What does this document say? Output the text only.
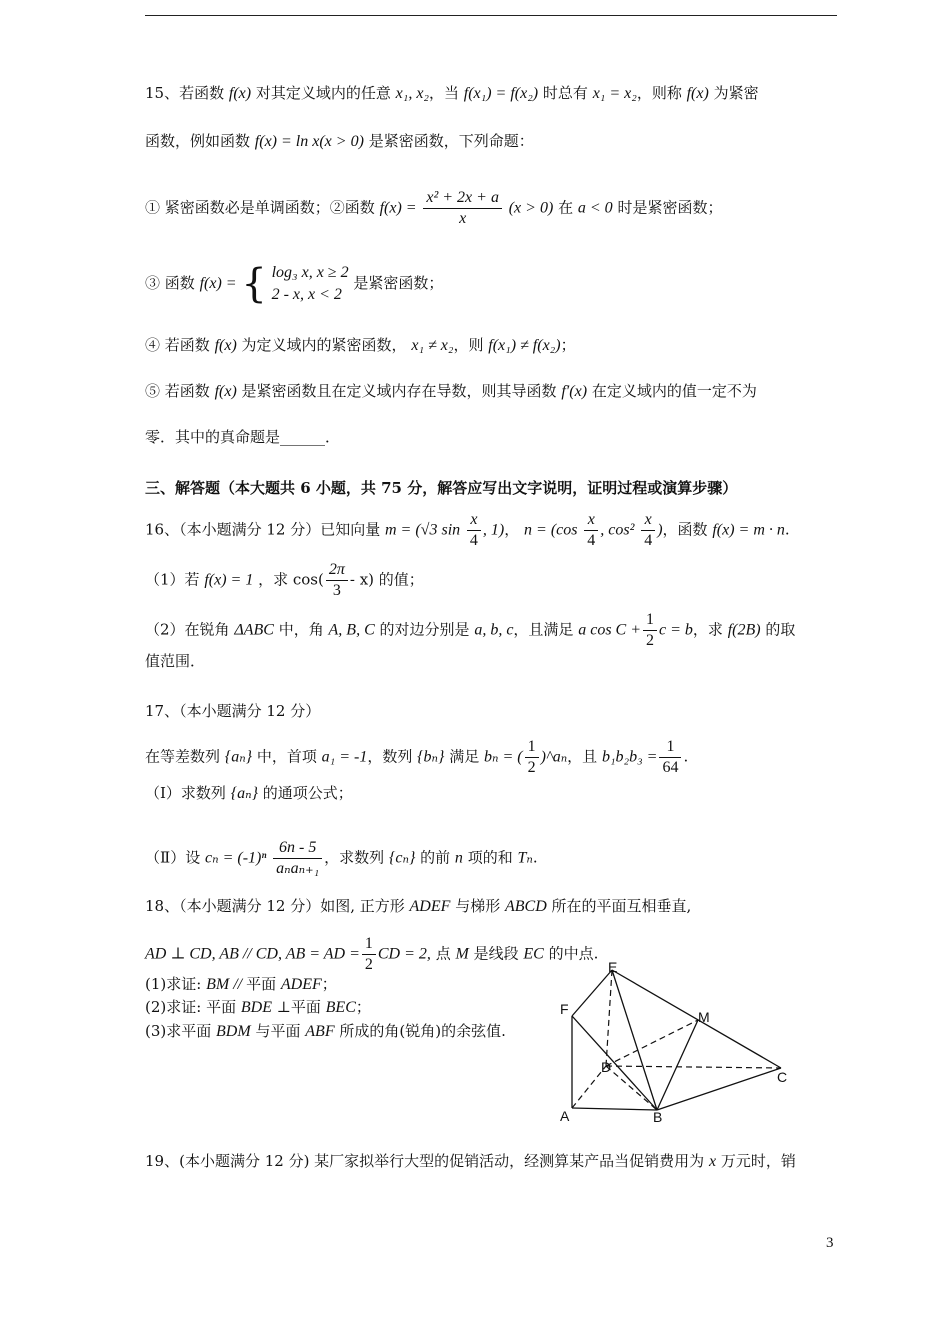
15、若函数 f(x) 对其定义域内的任意 x₁, x₂，当 f(x₁) = f(x₂) 时总有 x₁ = x₂，则称 f(x) 为紧密
函数，例如函数 f(x) = ln x(x > 0) 是紧密函数，下列命题：
① 紧密函数必是单调函数；②函数 $f(x) = \frac{\text{x² + 2x + a}}{x} (x > 0)$ 在 a < 0 时是紧密函数；
③ 函数 f(x) = { log₃ x, x ≥ 2
2 - x, x < 2
是紧密函数；
④ 若函数 f(x) 为定义域内的紧密函数， x₁ ≠ x₂，则 f(x₁) ≠ f(x₂)；
⑤ 若函数 f(x) 是紧密函数且在定义域内存在导数，则其导函数 f′(x) 在定义域内的值一定不为
零．其中的真命题是______．
三、解答题（本大题共 6 小题，共 75 分，解答应写出文字说明，证明过程或演算步骤）
16、（本小题满分 12 分）已知向量 m = (√3 $\sin \frac{x}{4}$ , 1)， $n = (\cos \frac{x}{4}$ , $\cos^2 \frac{x}{4}$ )，函数 f(x) = m · n.
（1）若 f(x) = 1 ，求 $\cos( \frac{2\pi}{3} - x)$ 的值；
（2）在锐角 ΔABC 中，角 A, B, C 的对边分别是 a, b, c，且满足 a $\cos C + \frac{1}{2}$ c = b，求 f(2B) 的取
值范围．
17、（本小题满分 12 分）
在等差数列 {aₙ} 中，首项 a₁ = -1，数列 {bₙ} 满足 bₙ = ( $\frac{1}{2}$ )^aₙ，且 $b_1b_2b_3 = \frac{1}{64}$ .
（Ⅰ）求数列 {aₙ} 的通项公式；
（Ⅱ）设 $c_n = (-1)^n \frac{6n - 5}{\text{aₙaₙ₊₁}}$ ，求数列 {cₙ} 的前 n 项的和 Tₙ.
18、（本小题满分 12 分）如图, 正方形 ADEF 与梯形 ABCD 所在的平面互相垂直,
AD ⊥ CD, AB // CD, AB = AD = $\frac{1}{2}$ CD = 2, 点 M 是线段 EC 的中点.
(1)求证: BM // 平面 ADEF；
(2)求证: 平面 BDE ⊥平面 BEC；
(3)求平面 BDM 与平面 ABF 所成的角(锐角)的余弦值.
E
F	M
D
C
A	B
19、(本小题满分 12 分) 某厂家拟举行大型的促销活动，经测算某产品当促销费用为 x 万元时，销
3
